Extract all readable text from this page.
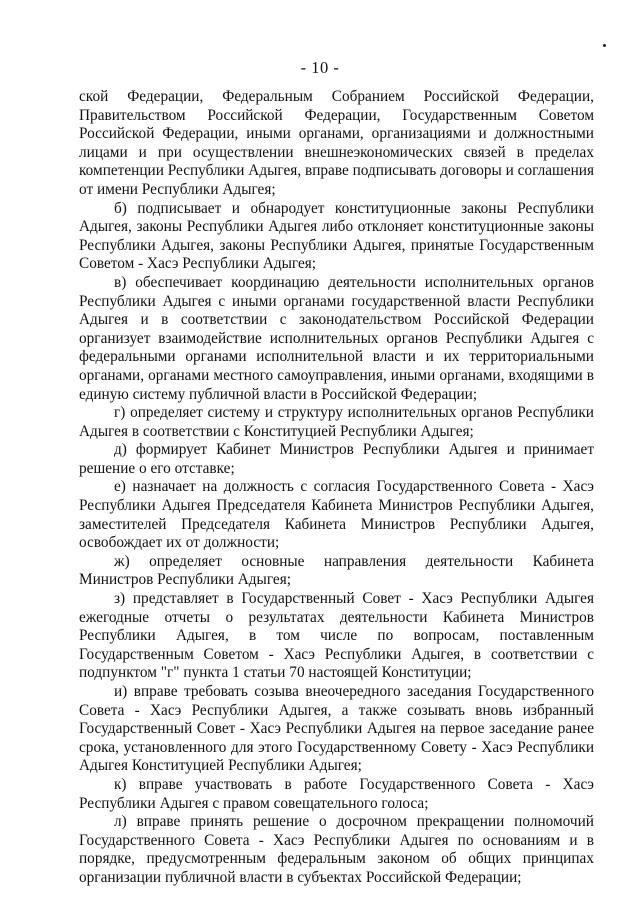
- 10 -

ской Федерации, Федеральным Собранием Российской Федерации, Правительством Российской Федерации, Государственным Советом Российской Федерации, иными органами, организациями и должностными лицами и при осуществлении внешнеэкономических связей в пределах компетенции Республики Адыгея, вправе подписывать договоры и соглашения от имени Республики Адыгея;

б) подписывает и обнародует конституционные законы Республики Адыгея, законы Республики Адыгея либо отклоняет конституционные законы Республики Адыгея, законы Республики Адыгея, принятые Государственным Советом - Хасэ Республики Адыгея;

в) обеспечивает координацию деятельности исполнительных органов Республики Адыгея с иными органами государственной власти Республики Адыгея и в соответствии с законодательством Российской Федерации организует взаимодействие исполнительных органов Республики Адыгея с федеральными органами исполнительной власти и их территориальными органами, органами местного самоуправления, иными органами, входящими в единую систему публичной власти в Российской Федерации;

г) определяет систему и структуру исполнительных органов Республики Адыгея в соответствии с Конституцией Республики Адыгея;

д) формирует Кабинет Министров Республики Адыгея и принимает решение о его отставке;

е) назначает на должность с согласия Государственного Совета - Хасэ Республики Адыгея Председателя Кабинета Министров Республики Адыгея, заместителей Председателя Кабинета Министров Республики Адыгея, освобождает их от должности;

ж) определяет основные направления деятельности Кабинета Министров Республики Адыгея;

з) представляет в Государственный Совет - Хасэ Республики Адыгея ежегодные отчеты о результатах деятельности Кабинета Министров Республики Адыгея, в том числе по вопросам, поставленным Государственным Советом - Хасэ Республики Адыгея, в соответствии с подпунктом "г" пункта 1 статьи 70 настоящей Конституции;

и) вправе требовать созыва внеочередного заседания Государственного Совета - Хасэ Республики Адыгея, а также созывать вновь избранный Государственный Совет - Хасэ Республики Адыгея на первое заседание ранее срока, установленного для этого Государственному Совету - Хасэ Республики Адыгея Конституцией Республики Адыгея;

к) вправе участвовать в работе Государственного Совета - Хасэ Республики Адыгея с правом совещательного голоса;

л) вправе принять решение о досрочном прекращении полномочий Государственного Совета - Хасэ Республики Адыгея по основаниям и в порядке, предусмотренным федеральным законом об общих принципах организации публичной власти в субъектах Российской Федерации;
